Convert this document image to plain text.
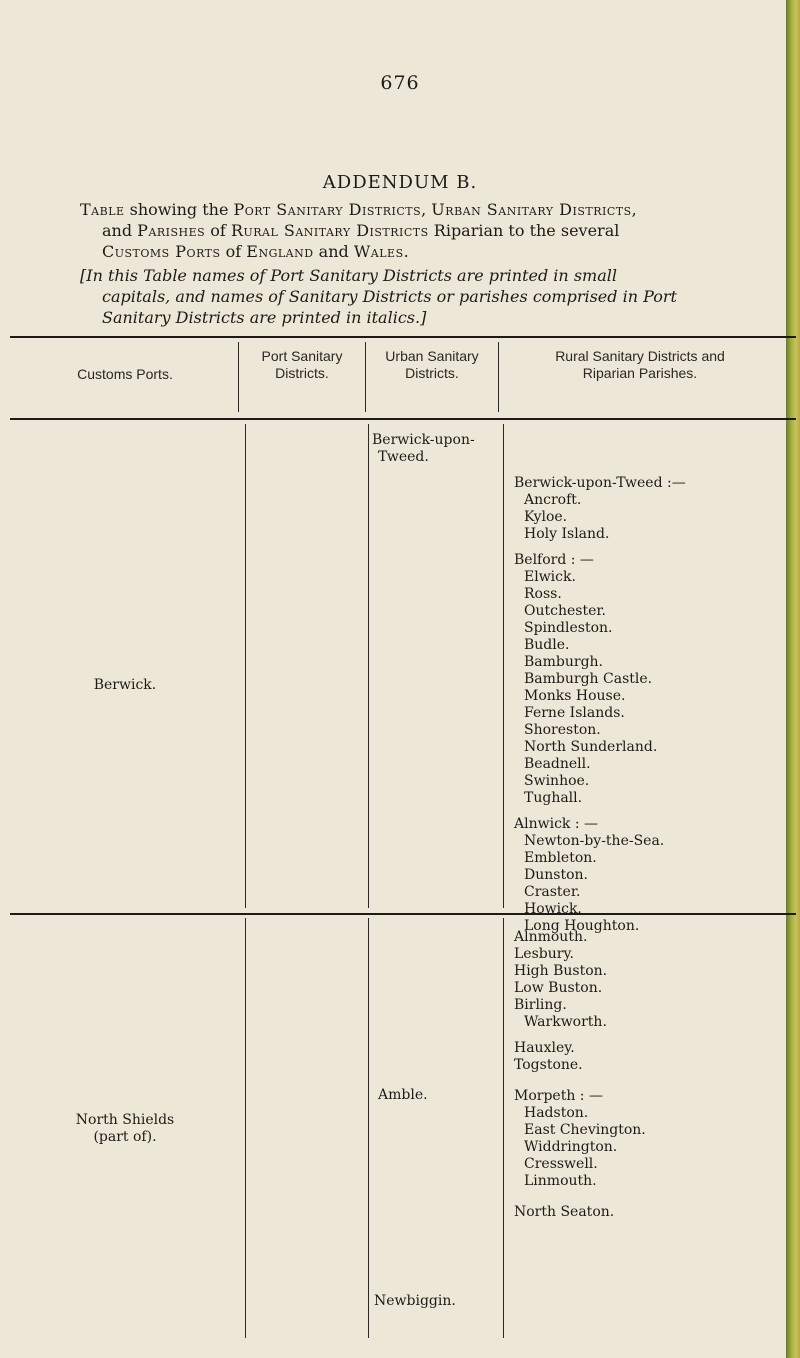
676
ADDENDUM B.
Table showing the Port Sanitary Districts, Urban Sanitary Districts,
and Parishes of Rural Sanitary Districts Riparian to the several
Customs Ports of England and Wales.
[In this Table names of Port Sanitary Districts are printed in small
capitals, and names of Sanitary Districts or parishes comprised in Port
Sanitary Districts are printed in italics.]
Customs Ports.
Port Sanitary
Districts.
Urban Sanitary
Districts.
Rural Sanitary Districts and
Riparian Parishes.
Berwick.
Berwick-upon-
Tweed.
Berwick-upon-Tweed :—
Ancroft.
Kyloe.
Holy Island.
Belford : —
Elwick.
Ross.
Outchester.
Spindleston.
Budle.
Bamburgh.
Bamburgh Castle.
Monks House.
Ferne Islands.
Shoreston.
North Sunderland.
Beadnell.
Swinhoe.
Tughall.
Alnwick : —
Newton-by-the-Sea.
Embleton.
Dunston.
Craster.
Howick.
Long Houghton.
North Shields
(part of).
Amble.
Newbiggin.
Alnmouth.
Lesbury.
High Buston.
Low Buston.
Birling.
Warkworth.
Hauxley.
Togstone.
Morpeth : —
Hadston.
East Chevington.
Widdrington.
Cresswell.
Linmouth.
North Seaton.
